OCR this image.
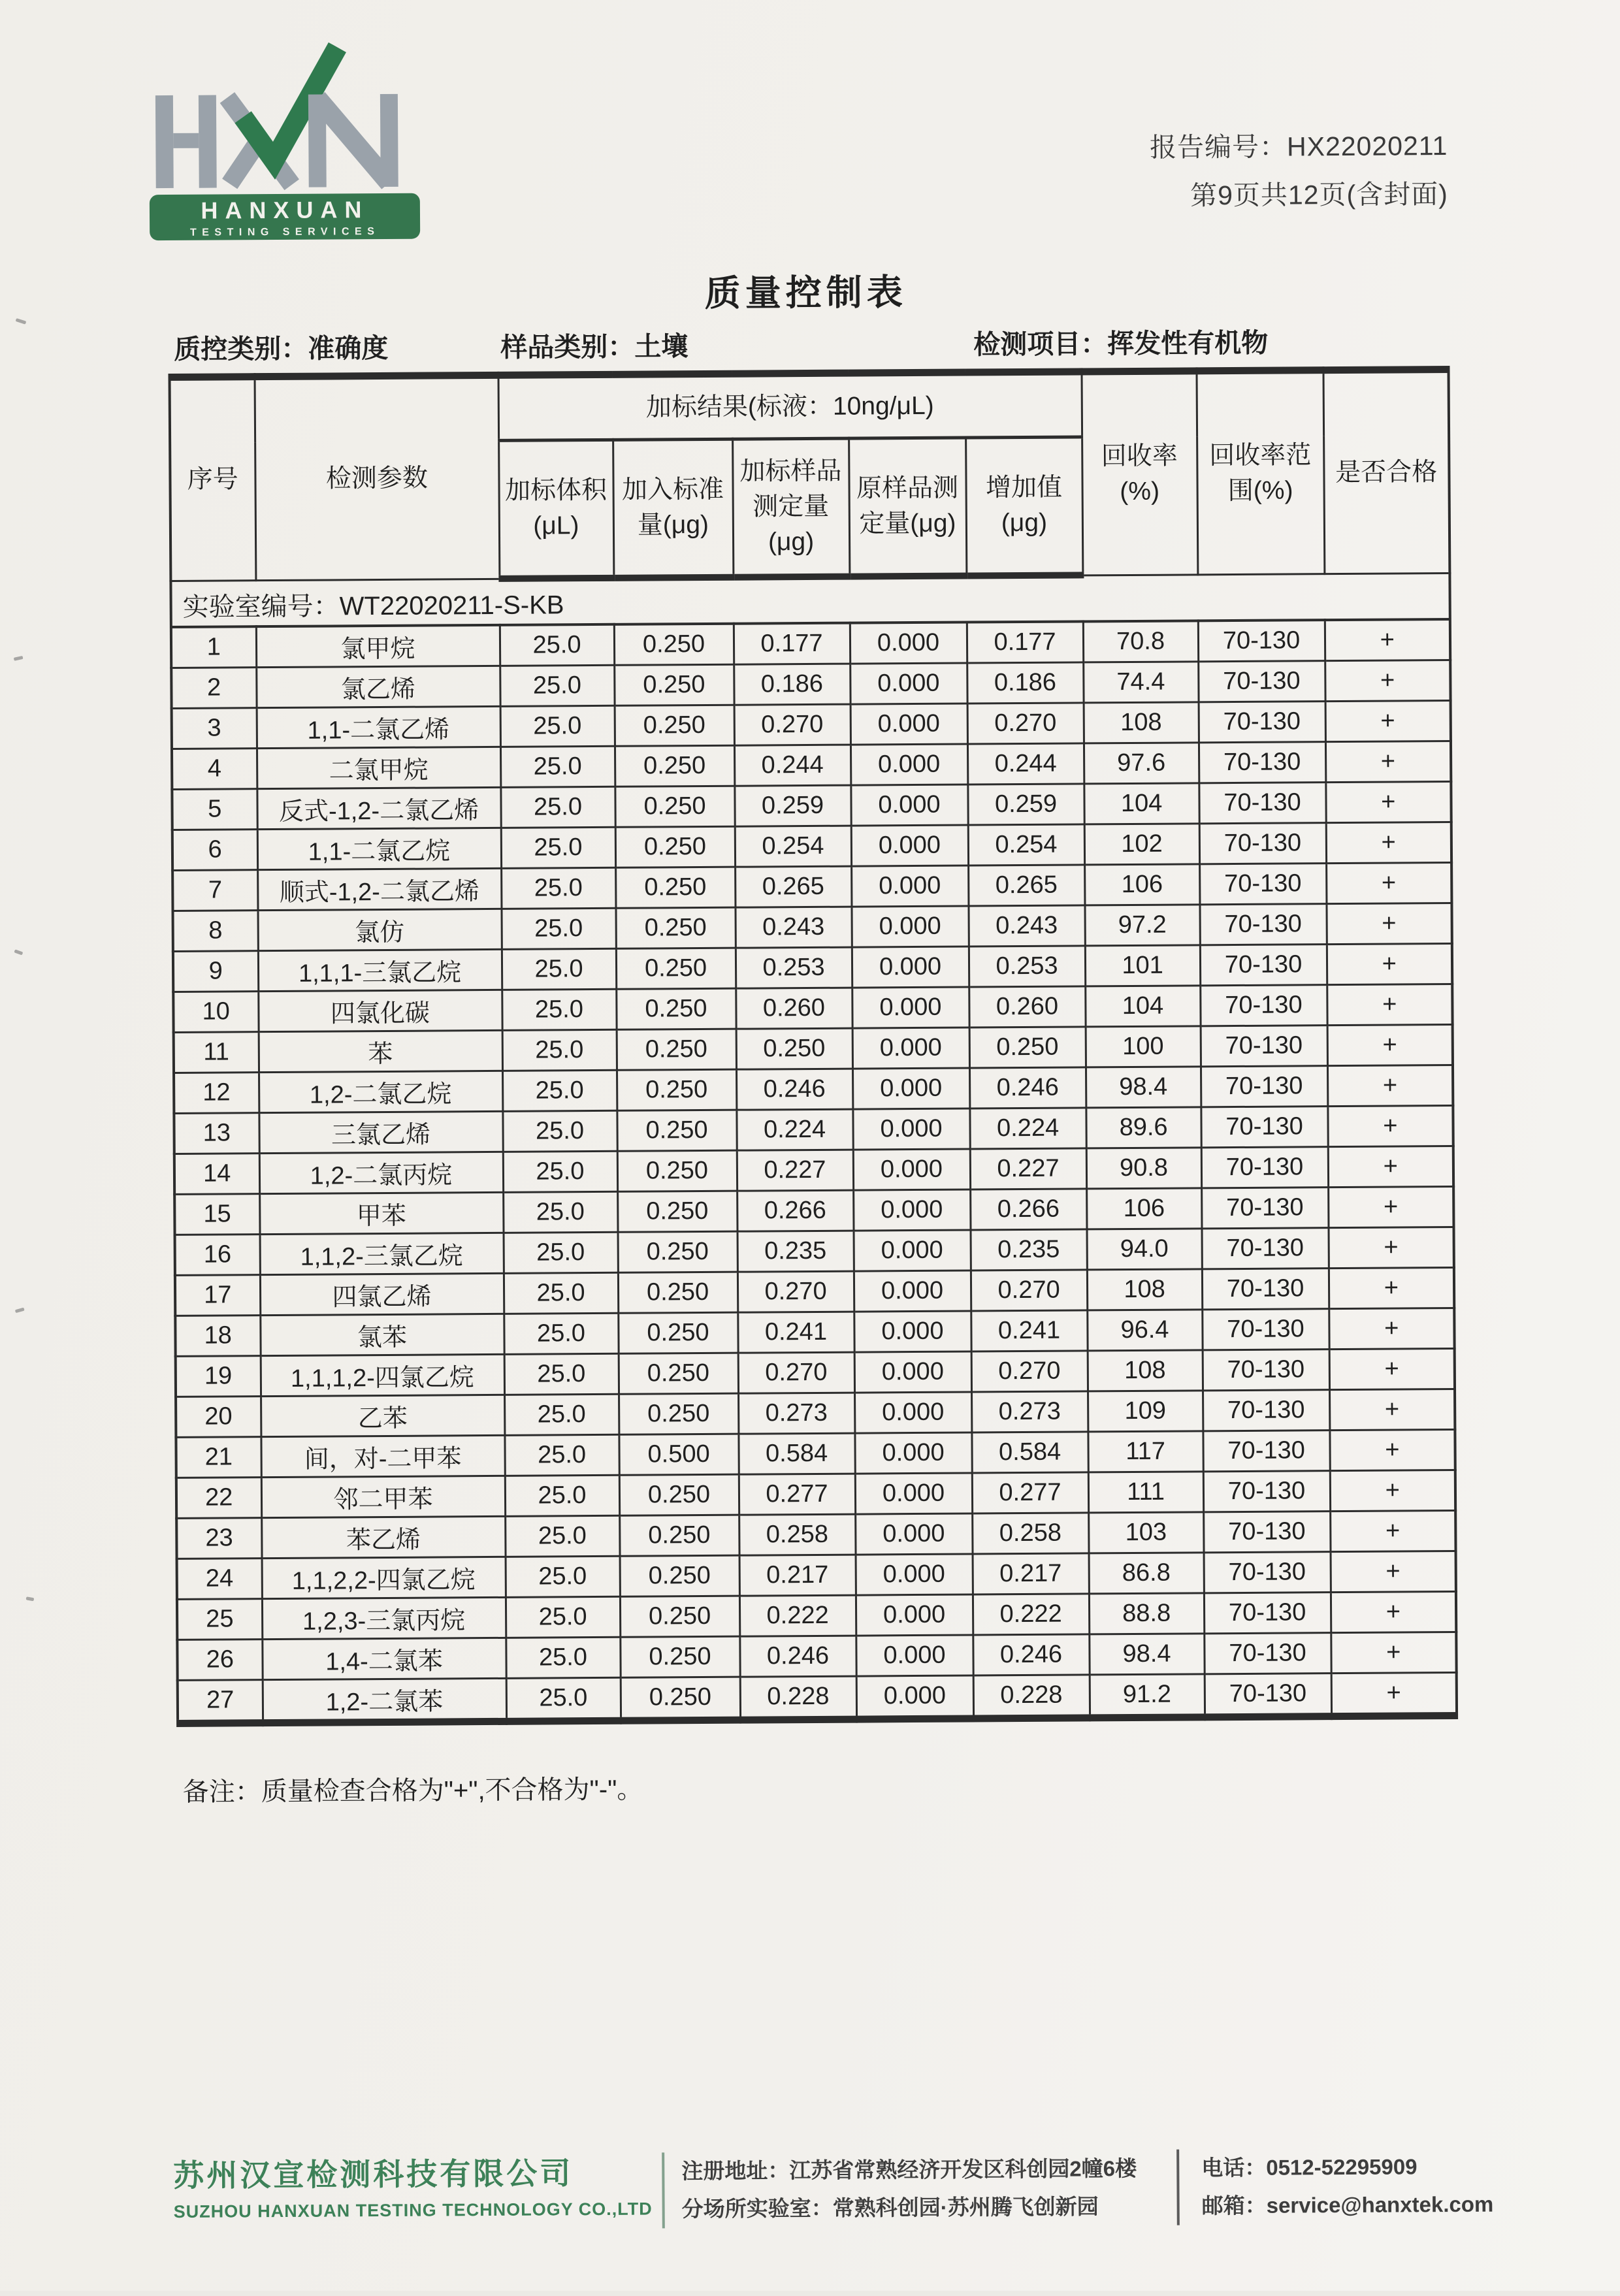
HANXUAN
TESTING SERVICES
报告编号：HX22020211
第9页共12页(含封面)
质量控制表
质控类别：准确度	样品类别：土壤	检测项目：挥发性有机物
序号	检测参数	加标结果(标液：10ng/μL)					回收率(%)	回收率范围(%)	是否合格
		加标体积(μL)	加入标准量(μg)	加标样品测定量(μg)	原样品测定量(μg)	增加值(μg)			
实验室编号：WT22020211-S-KB									
1	氯甲烷	25.0	0.250	0.177	0.000	0.177	70.8	70-130	+
2	氯乙烯	25.0	0.250	0.186	0.000	0.186	74.4	70-130	+
3	1,1-二氯乙烯	25.0	0.250	0.270	0.000	0.270	108	70-130	+
4	二氯甲烷	25.0	0.250	0.244	0.000	0.244	97.6	70-130	+
5	反式-1,2-二氯乙烯	25.0	0.250	0.259	0.000	0.259	104	70-130	+
6	1,1-二氯乙烷	25.0	0.250	0.254	0.000	0.254	102	70-130	+
7	顺式-1,2-二氯乙烯	25.0	0.250	0.265	0.000	0.265	106	70-130	+
8	氯仿	25.0	0.250	0.243	0.000	0.243	97.2	70-130	+
9	1,1,1-三氯乙烷	25.0	0.250	0.253	0.000	0.253	101	70-130	+
10	四氯化碳	25.0	0.250	0.260	0.000	0.260	104	70-130	+
11	苯	25.0	0.250	0.250	0.000	0.250	100	70-130	+
12	1,2-二氯乙烷	25.0	0.250	0.246	0.000	0.246	98.4	70-130	+
13	三氯乙烯	25.0	0.250	0.224	0.000	0.224	89.6	70-130	+
14	1,2-二氯丙烷	25.0	0.250	0.227	0.000	0.227	90.8	70-130	+
15	甲苯	25.0	0.250	0.266	0.000	0.266	106	70-130	+
16	1,1,2-三氯乙烷	25.0	0.250	0.235	0.000	0.235	94.0	70-130	+
17	四氯乙烯	25.0	0.250	0.270	0.000	0.270	108	70-130	+
18	氯苯	25.0	0.250	0.241	0.000	0.241	96.4	70-130	+
19	1,1,1,2-四氯乙烷	25.0	0.250	0.270	0.000	0.270	108	70-130	+
20	乙苯	25.0	0.250	0.273	0.000	0.273	109	70-130	+
21	间，对-二甲苯	25.0	0.500	0.584	0.000	0.584	117	70-130	+
22	邻二甲苯	25.0	0.250	0.277	0.000	0.277	111	70-130	+
23	苯乙烯	25.0	0.250	0.258	0.000	0.258	103	70-130	+
24	1,1,2,2-四氯乙烷	25.0	0.250	0.217	0.000	0.217	86.8	70-130	+
25	1,2,3-三氯丙烷	25.0	0.250	0.222	0.000	0.222	88.8	70-130	+
26	1,4-二氯苯	25.0	0.250	0.246	0.000	0.246	98.4	70-130	+
27	1,2-二氯苯	25.0	0.250	0.228	0.000	0.228	91.2	70-130	+
备注：质量检查合格为"+",不合格为"-"。
苏州汉宣检测科技有限公司
SUZHOU HANXUAN TESTING TECHNOLOGY CO.,LTD
注册地址：江苏省常熟经济开发区科创园2幢6楼
分场所实验室：常熟科创园·苏州腾飞创新园
电话：0512-52295909
邮箱：service@hanxtek.com
